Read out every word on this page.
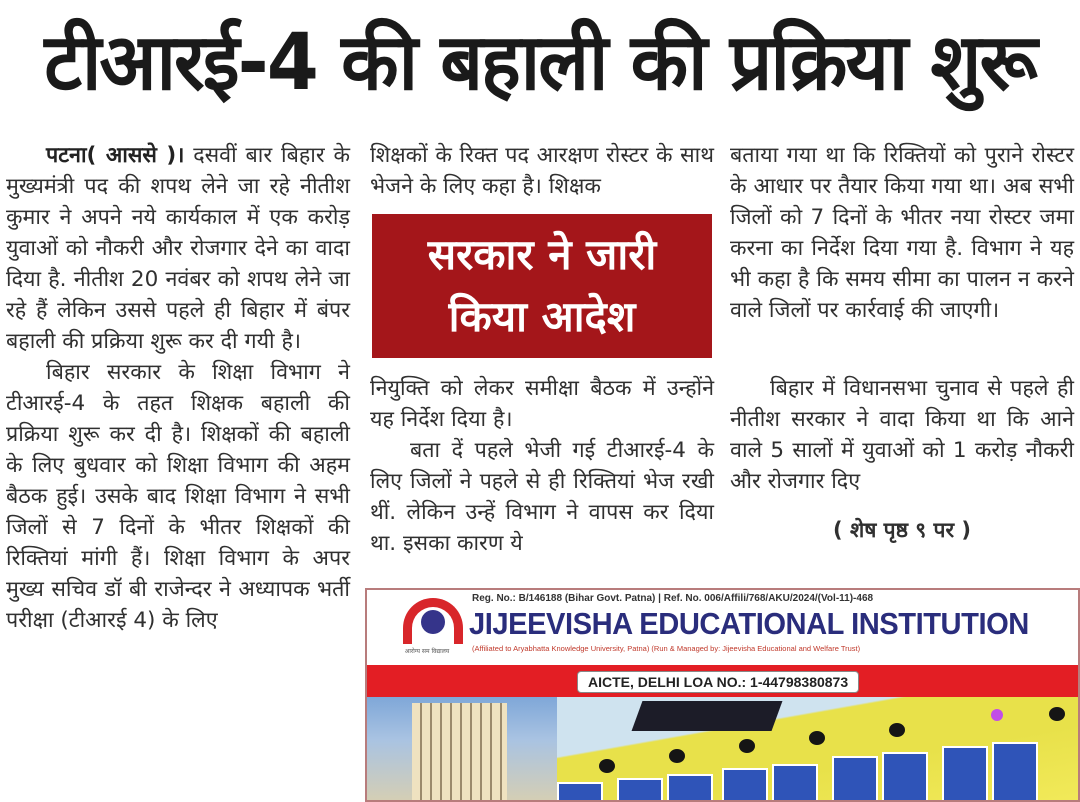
टीआरई-4 की बहाली की प्रक्रिया शुरू

पटना( आससे )। दसवीं बार बिहार के मुख्यमंत्री पद की शपथ लेने जा रहे नीतीश कुमार ने अपने नये कार्यकाल में एक करोड़ युवाओं को नौकरी और रोजगार देने का वादा दिया है. नीतीश 20 नवंबर को शपथ लेने जा रहे हैं लेकिन उससे पहले ही बिहार में बंपर बहाली की प्रक्रिया शुरू कर दी गयी है।

बिहार सरकार के शिक्षा विभाग ने टीआरई-4 के तहत शिक्षक बहाली की प्रक्रिया शुरू कर दी है। शिक्षकों की बहाली के लिए बुधवार को शिक्षा विभाग की अहम बैठक हुई। उसके बाद शिक्षा विभाग ने सभी जिलों से 7 दिनों के भीतर शिक्षकों की रिक्तियां मांगी हैं। शिक्षा विभाग के अपर मुख्य सचिव डॉ बी राजेन्दर ने अध्यापक भर्ती परीक्षा (टीआरई 4) के लिए

शिक्षकों के रिक्त पद आरक्षण रोस्टर के साथ भेजने के लिए कहा है। शिक्षक

सरकार ने जारी
किया आदेश

नियुक्ति को लेकर समीक्षा बैठक में उन्होंने यह निर्देश दिया है।

बता दें पहले भेजी गई टीआरई-4 के लिए जिलों ने पहले से ही रिक्तियां भेज रखी थीं. लेकिन उन्हें विभाग ने वापस कर दिया था. इसका कारण ये

बताया गया था कि रिक्तियों को पुराने रोस्टर के आधार पर तैयार किया गया था। अब सभी जिलों को 7 दिनों के भीतर नया रोस्टर जमा करना का निर्देश दिया गया है. विभाग ने यह भी कहा है कि समय सीमा का पालन न करने वाले जिलों पर कार्रवाई की जाएगी।

बिहार में विधानसभा चुनाव से पहले ही नीतीश सरकार ने वादा किया था कि आने वाले 5 सालों में युवाओं को 1 करोड़ नौकरी और रोजगार दिए

( शेष पृष्ठ ९ पर )

आरोग्य सम विद्यालय
Reg. No.: B/146188 (Bihar Govt. Patna) | Ref. No. 006/Affili/768/AKU/2024/(Vol-11)-468
JIJEEVISHA EDUCATIONAL INSTITUTION
(Affiliated to Aryabhatta Knowledge University, Patna) (Run & Managed by: Jijeevisha Educational and Welfare Trust)
AICTE, DELHI LOA NO.: 1-44798380873
